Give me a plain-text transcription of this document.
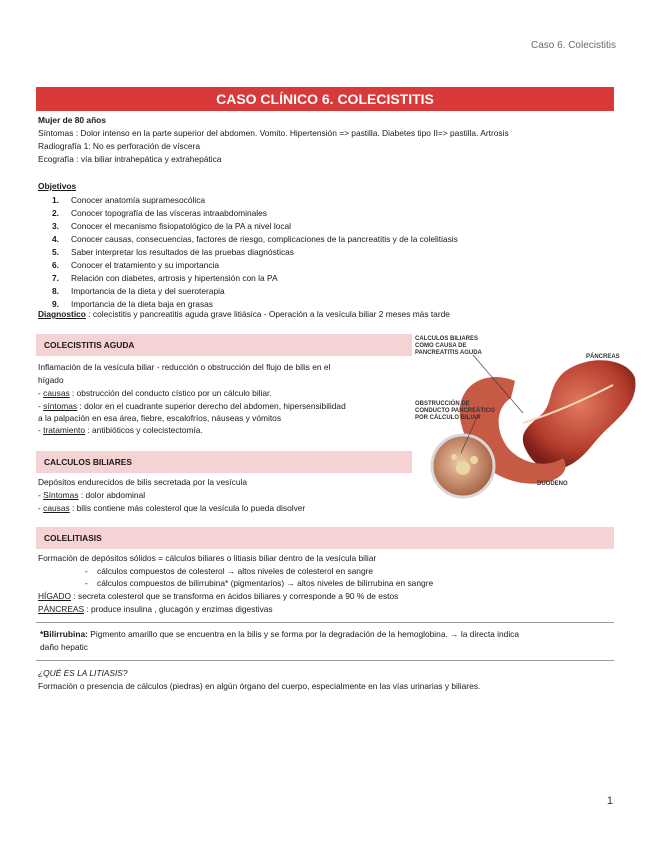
Caso 6. Colecistitis
CASO CLÍNICO 6. COLECISTITIS
Mujer de 80 años
Síntomas : Dolor intenso en la parte superior del abdomen. Vomito. Hipertensión => pastilla. Diabetes tipo II=> pastilla. Artrosis
Radiografía 1: No es perforación de víscera
Ecografía : vía biliar intrahepática y extrahepática
Objetivos
1.	Conocer anatomía supramesocólica
2.	Conocer topografía de las vísceras intraabdominales
3.	Conocer el mecanismo fisiopatológico de la PA a nivel local
4.	Conocer causas, consecuencias, factores de riesgo, complicaciones de la pancreatitis y de la colelitiasis
5.	Saber interpretar los resultados de las pruebas diagnósticas
6.	Conocer el tratamiento y su importancia
7.	Relación con diabetes, artrosis y hipertensión con la PA
8.	Importancia de la dieta y del sueroterapia
9.	Importancia de la dieta baja en grasas
Diagnostico : colecistitis y pancreatitis aguda grave litiásica - Operación a la vesícula biliar 2 meses más tarde
COLECISTITIS AGUDA
Inflamación de la vesícula biliar - reducción o obstrucción del flujo de bilis en el
hígado
- causas : obstrucción del conducto cístico por un cálculo biliar.
- síntomas : dolor en el cuadrante superior derecho del abdomen, hipersensibilidad
a la palpación en esa área, fiebre, escalofríos, náuseas y vómitos
- tratamiento : antibióticos y colecistectomía.
CALCULOS BILIARES
Depósitos endurecidos de bilis secretada por la vesícula
- Síntomas : dolor abdominal
- causas : bilis contiene más colesterol que la vesícula lo pueda disolver
COLELITIASIS
Formación de depósitos sólidos = cálculos biliares o litiasis biliar dentro de la vesícula biliar
-	cálculos compuestos de colesterol → altos niveles de colesterol en sangre
-	cálculos compuestos de bilirrubina* (pigmentarios) → altos niveles de bilirrubina en sangre
HÍGADO : secreta colesterol que se transforma en ácidos biliares y corresponde a 90 % de estos
PÁNCREAS : produce insulina , glucagón y enzimas digestivas
*Bilirrubina: Pigmento amarillo que se encuentra en la bilis y se forma por la degradación de la hemoglobina. → la directa indica
daño hepatic
¿QUÉ ES LA LITIASIS?
Formación o presencia de cálculos (piedras) en algún órgano del cuerpo, especialmente en las vías urinarias y biliares.
CALCULOS BILIARES
COMO CAUSA DE
PANCREATITIS AGUDA
PÁNCREAS
OBSTRUCCIÓN DE
CONDUCTO PANCREÁTICO
POR CÁLCULO BILIAR
DUODENO
1
